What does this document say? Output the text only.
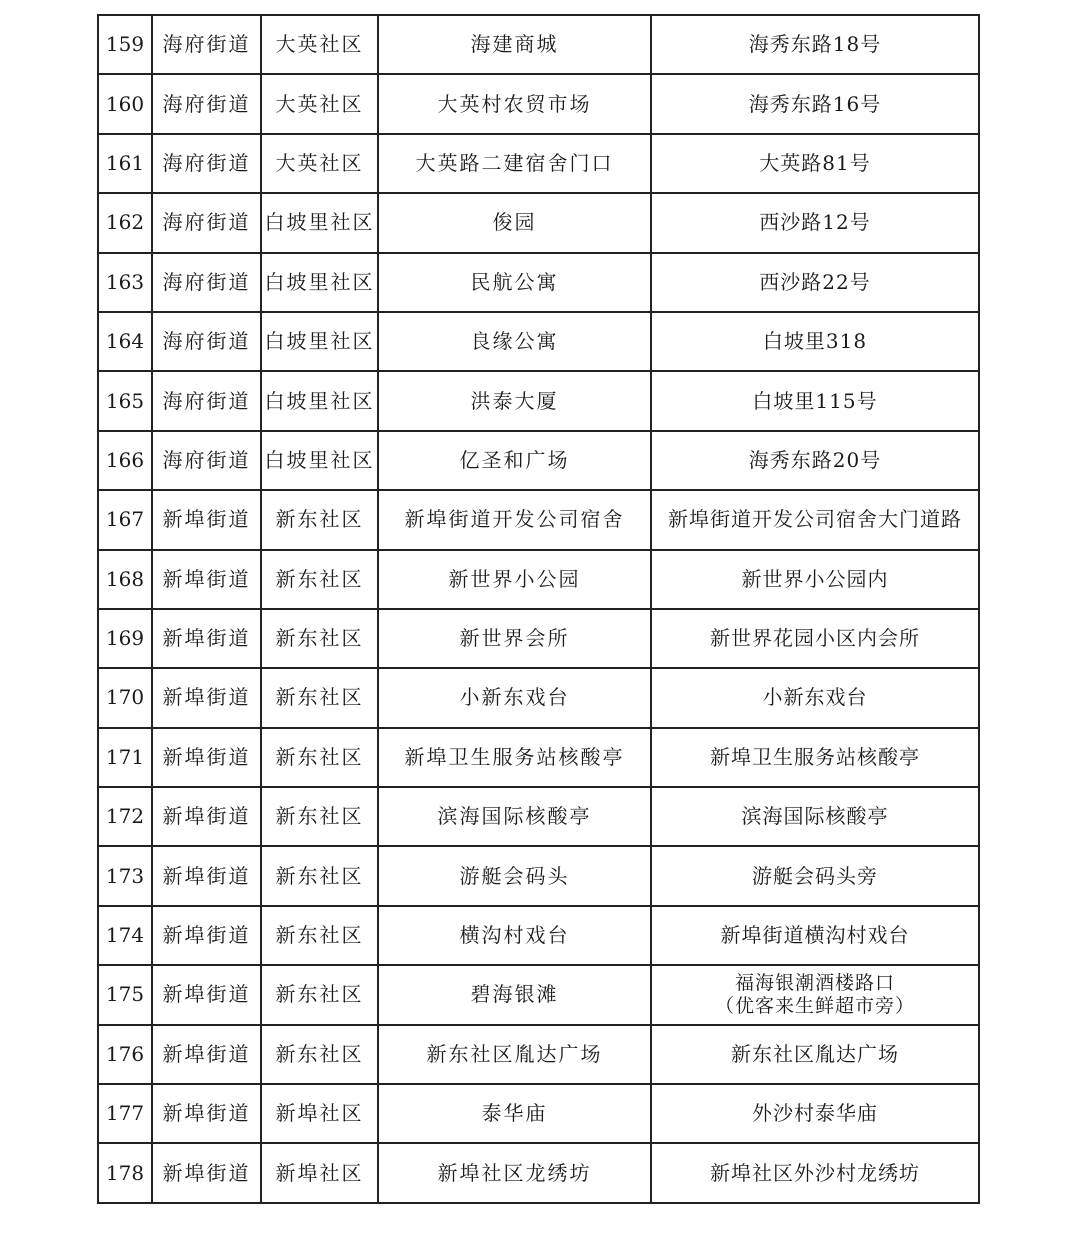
159	海府街道	大英社区	海建商城	海秀东路18号
160	海府街道	大英社区	大英村农贸市场	海秀东路16号
161	海府街道	大英社区	大英路二建宿舍门口	大英路81号
162	海府街道	白坡里社区	俊园	西沙路12号
163	海府街道	白坡里社区	民航公寓	西沙路22号
164	海府街道	白坡里社区	良缘公寓	白坡里318
165	海府街道	白坡里社区	洪泰大厦	白坡里115号
166	海府街道	白坡里社区	亿圣和广场	海秀东路20号
167	新埠街道	新东社区	新埠街道开发公司宿舍	新埠街道开发公司宿舍大门道路
168	新埠街道	新东社区	新世界小公园	新世界小公园内
169	新埠街道	新东社区	新世界会所	新世界花园小区内会所
170	新埠街道	新东社区	小新东戏台	小新东戏台
171	新埠街道	新东社区	新埠卫生服务站核酸亭	新埠卫生服务站核酸亭
172	新埠街道	新东社区	滨海国际核酸亭	滨海国际核酸亭
173	新埠街道	新东社区	游艇会码头	游艇会码头旁
174	新埠街道	新东社区	横沟村戏台	新埠街道横沟村戏台
175	新埠街道	新东社区	碧海银滩	福海银潮酒楼路口
（优客来生鲜超市旁）

176	新埠街道	新东社区	新东社区胤达广场	新东社区胤达广场
177	新埠街道	新埠社区	泰华庙	外沙村泰华庙
178	新埠街道	新埠社区	新埠社区龙绣坊	新埠社区外沙村龙绣坊
